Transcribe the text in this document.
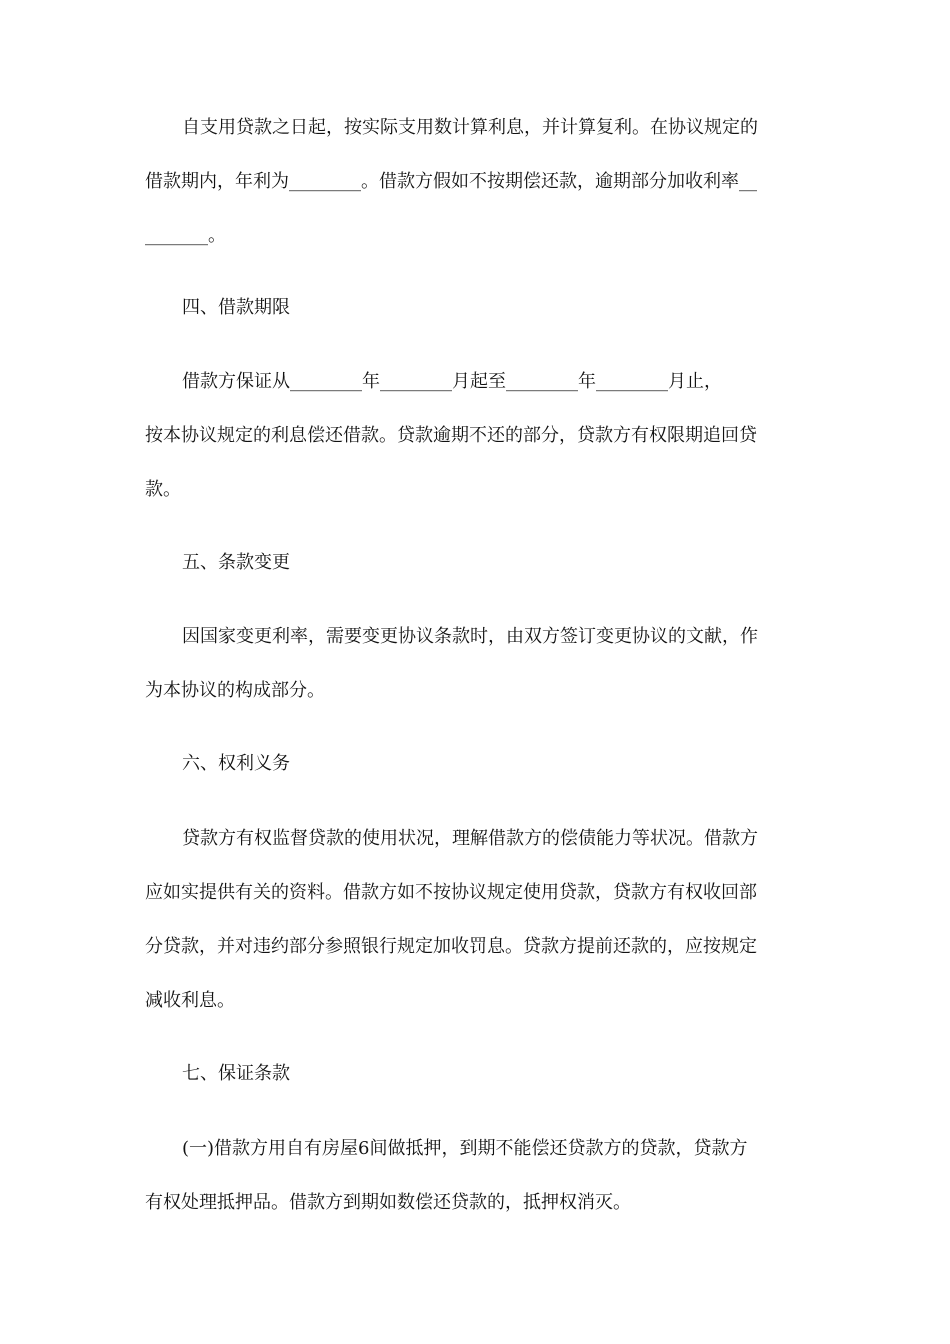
自支用贷款之日起，按实际支用数计算利息，并计算复利。在协议规定的
借款期内，年利为________。借款方假如不按期偿还款，逾期部分加收利率__
_______。
四、借款期限
借款方保证从________年________月起至________年________月止，
按本协议规定的利息偿还借款。贷款逾期不还的部分，贷款方有权限期追回贷
款。
五、条款变更
因国家变更利率，需要变更协议条款时，由双方签订变更协议的文献，作
为本协议的构成部分。
六、权利义务
贷款方有权监督贷款的使用状况，理解借款方的偿债能力等状况。借款方
应如实提供有关的资料。借款方如不按协议规定使用贷款，贷款方有权收回部
分贷款，并对违约部分参照银行规定加收罚息。贷款方提前还款的，应按规定
减收利息。
七、保证条款
(一)借款方用自有房屋6间做抵押，到期不能偿还贷款方的贷款，贷款方
有权处理抵押品。借款方到期如数偿还贷款的，抵押权消灭。
